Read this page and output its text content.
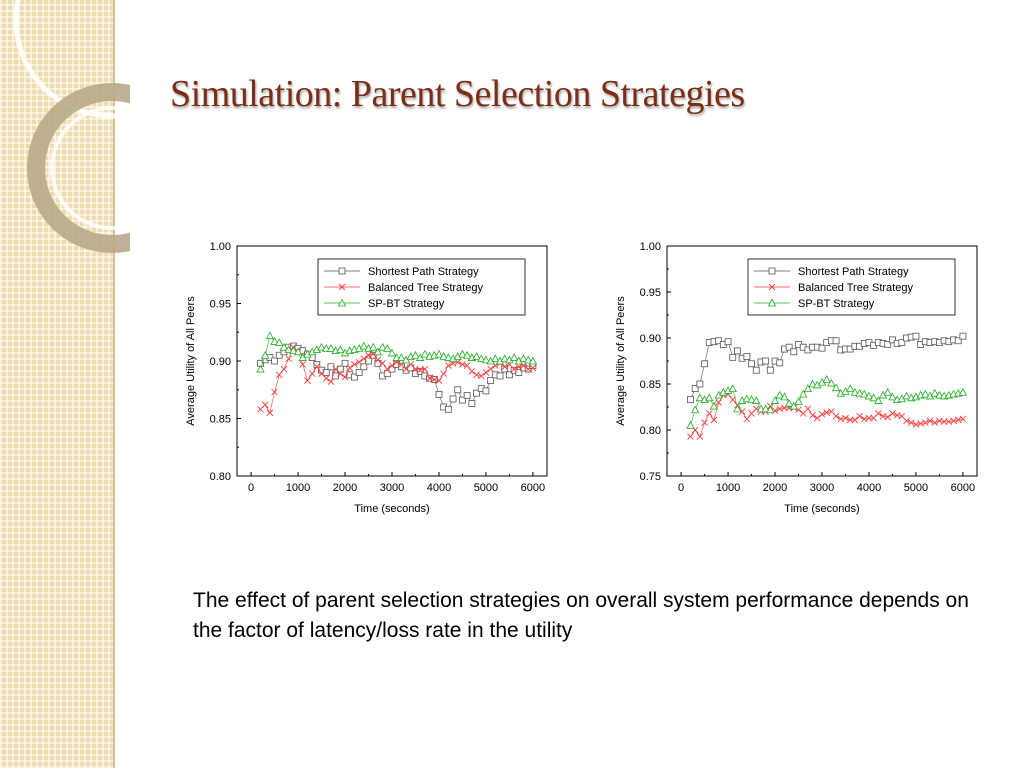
Simulation: Parent Selection Strategies
0	1000 2000 3000 4000 5000 6000
0.80
0.85
0.90
0.95
1.00
Time (seconds)
Average Utility of All Peers
Shortest Path Strategy
Balanced Tree Strategy
SP-BT Strategy
0	1000 2000 3000 4000 5000 6000
0.75
0.80
0.85
0.90
0.95
1.00
Time (seconds)
Average Utility of All Peers
Shortest Path Strategy
Balanced Tree Strategy
SP-BT Strategy

The effect of parent selection strategies on overall system performance depends on the factor of latency/loss rate in the utility
